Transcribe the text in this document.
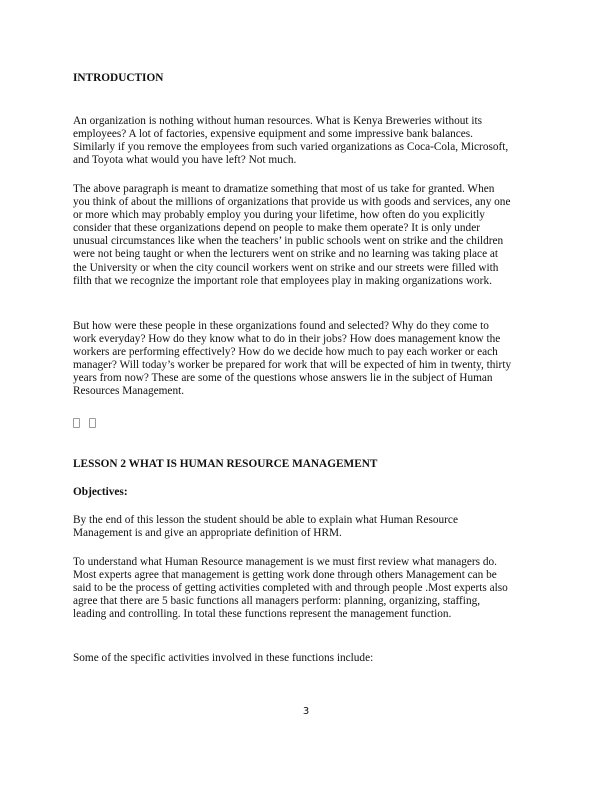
INTRODUCTION

An organization is nothing without human resources. What is Kenya Breweries without its
employees? A lot of factories, expensive equipment and some impressive bank balances.
Similarly if you remove the employees from such varied organizations as Coca-Cola, Microsoft,
and Toyota what would you have left? Not much.

The above paragraph is meant to dramatize something that most of us take for granted. When
you think of about the millions of organizations that provide us with goods and services, any one
or more which may probably employ you during your lifetime, how often do you explicitly
consider that these organizations depend on people to make them operate? It is only under
unusual circumstances like when the teachers’ in public schools went on strike and the children
were not being taught or when the lecturers went on strike and no learning was taking place at
the University or when the city council workers went on strike and our streets were filled with
filth that we recognize the important role that employees play in making organizations work.

But how were these people in these organizations found and selected? Why do they come to
work everyday? How do they know what to do in their jobs? How does management know the
workers are performing effectively? How do we decide how much to pay each worker or each
manager? Will today’s worker be prepared for work that will be expected of him in twenty, thirty
years from now? These are some of the questions whose answers lie in the subject of Human
Resources Management.

LESSON 2 WHAT IS HUMAN RESOURCE MANAGEMENT

Objectives:

By the end of this lesson the student should be able to explain what Human Resource
Management is and give an appropriate definition of HRM.

To understand what Human Resource management is we must first review what managers do.
Most experts agree that management is getting work done through others Management can be
said to be the process of getting activities completed with and through people .Most experts also
agree that there are 5 basic functions all managers perform: planning, organizing, staffing,
leading and controlling. In total these functions represent the management function.

Some of the specific activities involved in these functions include:

3
